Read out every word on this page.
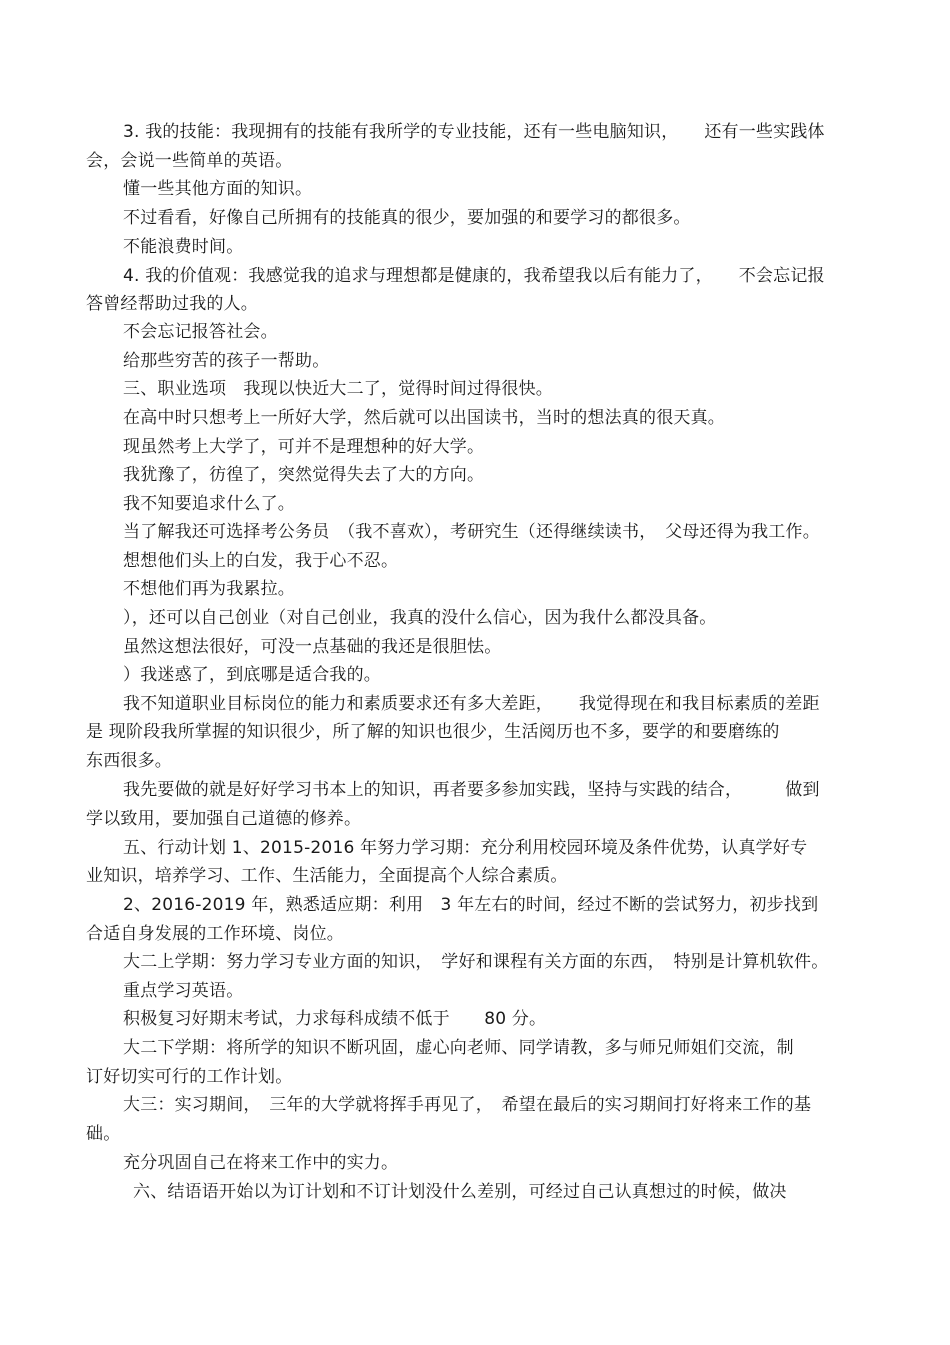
3. 我的技能：我现拥有的技能有我所学的专业技能，还有一些电脑知识，　　还有一些实践体

会，会说一些简单的英语。

懂一些其他方面的知识。

不过看看，好像自己所拥有的技能真的很少，要加强的和要学习的都很多。

不能浪费时间。

4. 我的价值观：我感觉我的追求与理想都是健康的，我希望我以后有能力了，　　不会忘记报

答曾经帮助过我的人。

不会忘记报答社会。

给那些穷苦的孩子一帮助。

三、职业选项　我现以快近大二了，觉得时间过得很快。

在高中时只想考上一所好大学，然后就可以出国读书，当时的想法真的很天真。

现虽然考上大学了，可并不是理想种的好大学。

我犹豫了，彷徨了，突然觉得失去了大的方向。

我不知要追求什么了。

当了解我还可选择考公务员　（我不喜欢），考研究生（还得继续读书，　父母还得为我工作。

想想他们头上的白发，我于心不忍。

不想他们再为我累拉。

），还可以自己创业（对自己创业，我真的没什么信心，因为我什么都没具备。

虽然这想法很好，可没一点基础的我还是很胆怯。

）我迷惑了，到底哪是适合我的。

我不知道职业目标岗位的能力和素质要求还有多大差距，　　我觉得现在和我目标素质的差距

是 现阶段我所掌握的知识很少，所了解的知识也很少，生活阅历也不多，要学的和要磨练的

东西很多。

我先要做的就是好好学习书本上的知识，再者要多参加实践，坚持与实践的结合，　　　做到

学以致用，要加强自己道德的修养。

五、行动计划 1、2015-2016 年努力学习期：充分利用校园环境及条件优势，认真学好专

业知识，培养学习、工作、生活能力，全面提高个人综合素质。

2、2016-2019 年，熟悉适应期：利用　3 年左右的时间，经过不断的尝试努力，初步找到

合适自身发展的工作环境、岗位。

大二上学期：努力学习专业方面的知识，　学好和课程有关方面的东西，　特别是计算机软件。

重点学习英语。

积极复习好期末考试，力求每科成绩不低于　　80 分。

大二下学期：将所学的知识不断巩固，虚心向老师、同学请教，多与师兄师姐们交流，制

订好切实可行的工作计划。

大三：实习期间，　三年的大学就将挥手再见了，　希望在最后的实习期间打好将来工作的基

础。

充分巩固自己在将来工作中的实力。

六、结语语开始以为订计划和不订计划没什么差别，可经过自己认真想过的时候，做决
